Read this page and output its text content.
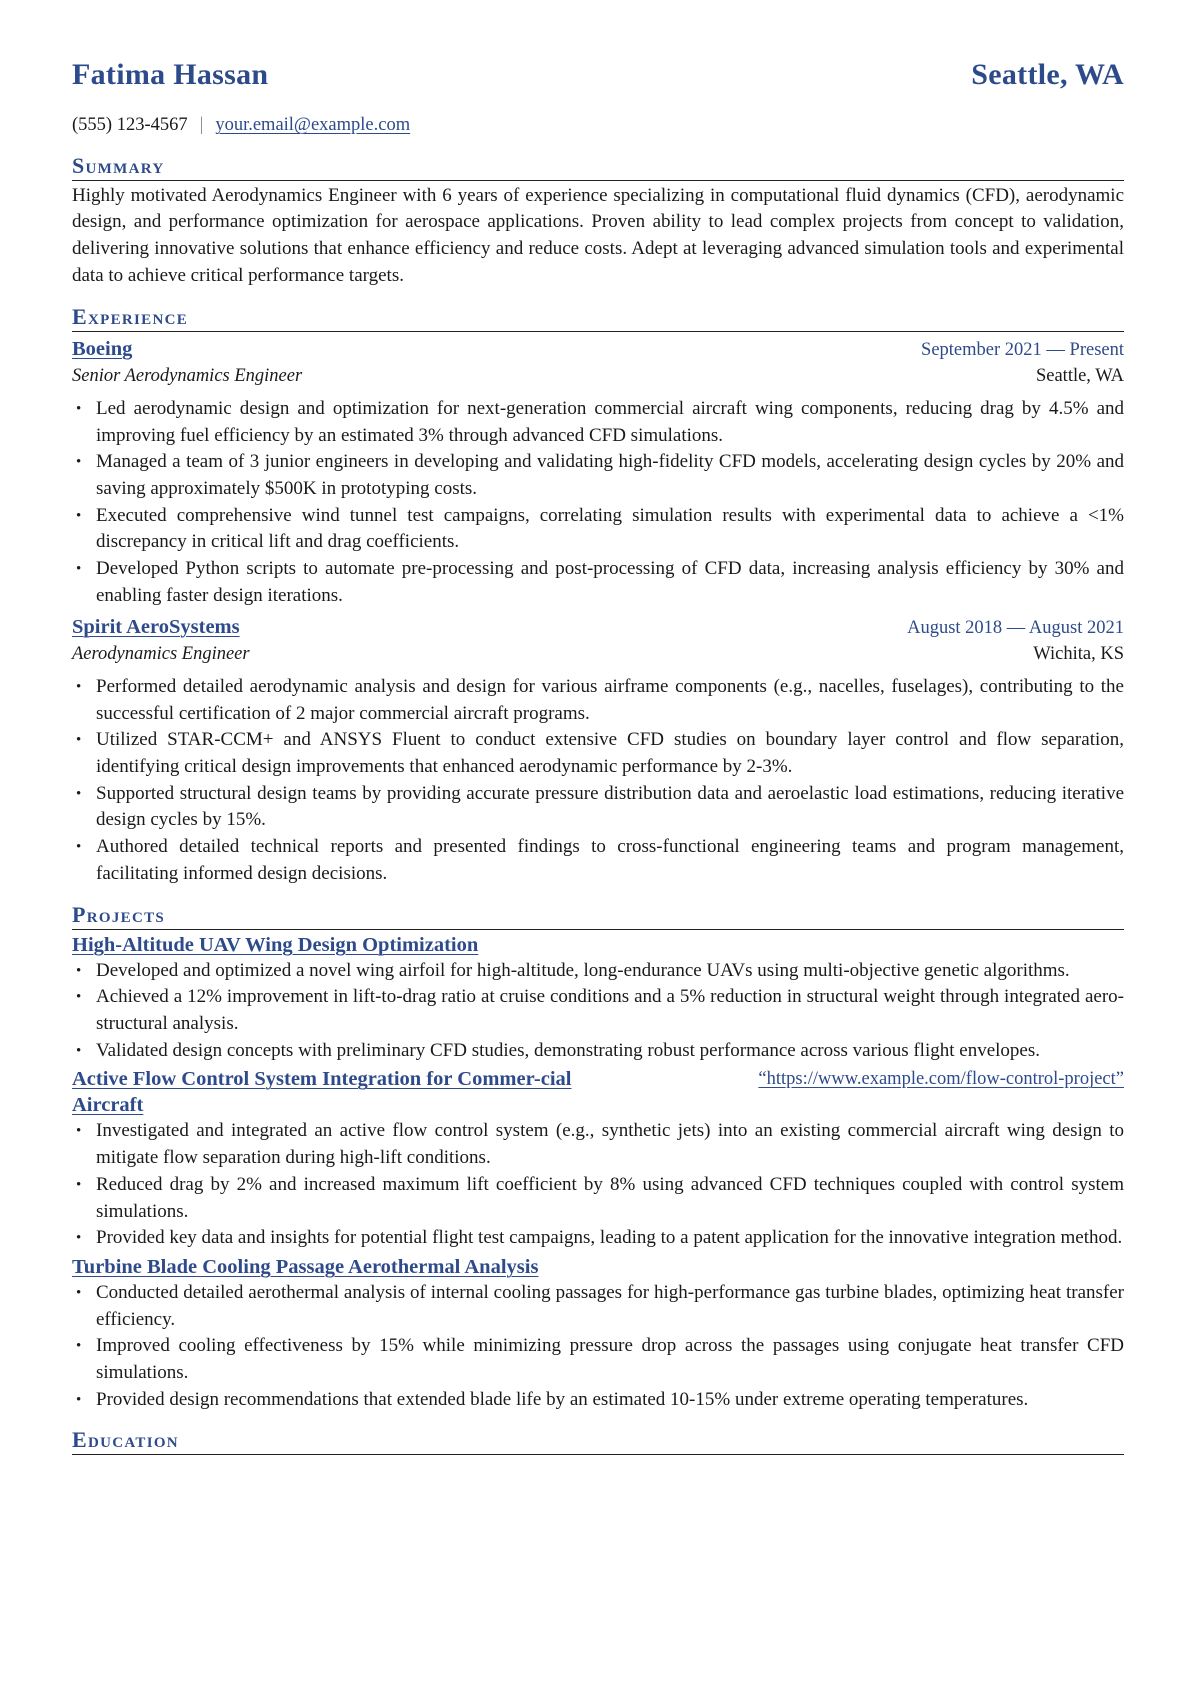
Fatima Hassan	Seattle, WA
(555) 123-4567 | your.email@example.com
Summary

Highly motivated Aerodynamics Engineer with 6 years of experience specializing in computational fluid dynamics (CFD), aerodynamic design, and performance optimization for aerospace applications. Proven ability to lead complex projects from concept to validation, delivering innovative solutions that enhance efficiency and reduce costs. Adept at leveraging advanced simulation tools and experimental data to achieve critical performance targets.

Experience
Boeing	September 2021 — Present
Senior Aerodynamics Engineer	Seattle, WA
• Led aerodynamic design and optimization for next-generation commercial aircraft wing components, reducing drag by 4.5% and improving fuel efficiency by an estimated 3% through advanced CFD simulations.
• Managed a team of 3 junior engineers in developing and validating high-fidelity CFD models, accelerating design cycles by 20% and saving approximately $500K in prototyping costs.
• Executed comprehensive wind tunnel test campaigns, correlating simulation results with experimental data to achieve a <1% discrepancy in critical lift and drag coefficients.
• Developed Python scripts to automate pre-processing and post-processing of CFD data, increasing analysis efficiency by 30% and enabling faster design iterations.
Spirit AeroSystems	August 2018 — August 2021
Aerodynamics Engineer	Wichita, KS
• Performed detailed aerodynamic analysis and design for various airframe components (e.g., nacelles, fuselages), contributing to the successful certification of 2 major commercial aircraft programs.
• Utilized STAR-CCM+ and ANSYS Fluent to conduct extensive CFD studies on boundary layer control and flow separation, identifying critical design improvements that enhanced aerodynamic performance by 2-3%.
• Supported structural design teams by providing accurate pressure distribution data and aeroelastic load estimations, reducing iterative design cycles by 15%.
• Authored detailed technical reports and presented findings to cross-functional engineering teams and program management, facilitating informed design decisions.
Projects
High-Altitude UAV Wing Design Optimization
• Developed and optimized a novel wing airfoil for high-altitude, long-endurance UAVs using multi-objective genetic algorithms.
• Achieved a 12% improvement in lift-to-drag ratio at cruise conditions and a 5% reduction in structural weight through integrated aero-structural analysis.
• Validated design concepts with preliminary CFD studies, demonstrating robust performance across various flight envelopes.
Active Flow Control System Integration for Commer-cial Aircraft
“https://www.example.com/flow-control-project”
• Investigated and integrated an active flow control system (e.g., synthetic jets) into an existing commercial aircraft wing design to mitigate flow separation during high-lift conditions.
• Reduced drag by 2% and increased maximum lift coefficient by 8% using advanced CFD techniques coupled with control system simulations.
• Provided key data and insights for potential flight test campaigns, leading to a patent application for the innovative integration method.
Turbine Blade Cooling Passage Aerothermal Analysis
• Conducted detailed aerothermal analysis of internal cooling passages for high-performance gas turbine blades, optimizing heat transfer efficiency.
• Improved cooling effectiveness by 15% while minimizing pressure drop across the passages using conjugate heat transfer CFD simulations.
• Provided design recommendations that extended blade life by an estimated 10-15% under extreme operating temperatures.
Education
